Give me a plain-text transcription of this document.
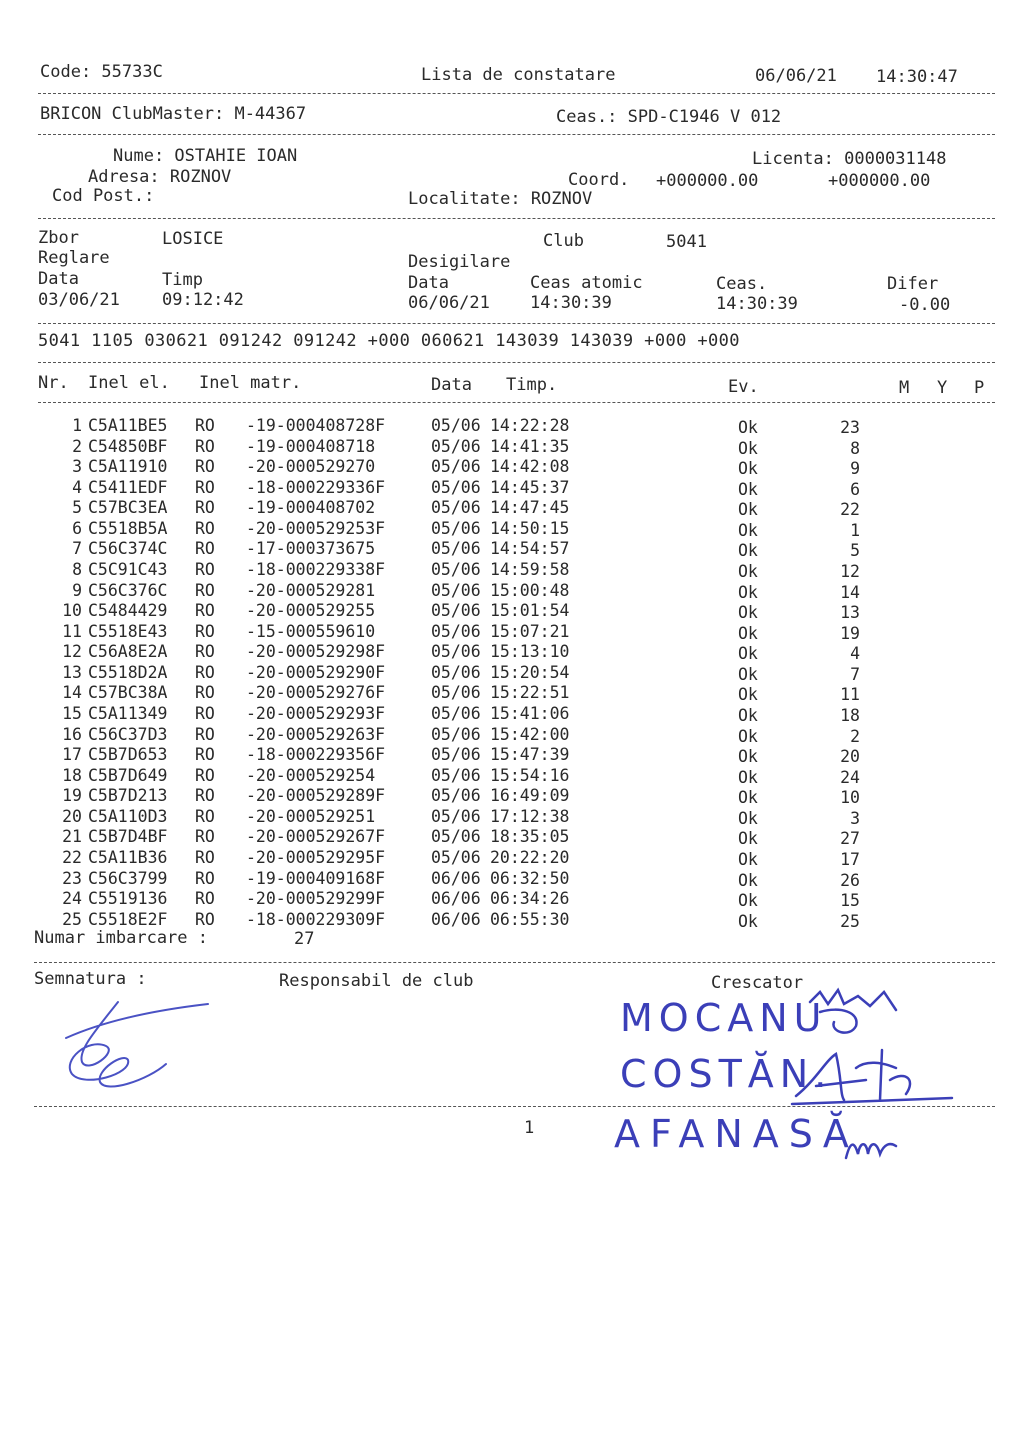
Code: 55733C	Lista de constatare	06/06/21 14:30:47
BRICON ClubMaster: M-44367	Ceas.: SPD-C1946 V 012
Nume: OSTAHIE IOAN	Licenta: 0000031148
Adresa: ROZNOV	Coord. +000000.00	+000000.00
Cod Post.:	Localitate: ROZNOV
Zbor	LOSICE	Club	5041
Reglare	Desigilare
Data	Timp	Data	Ceas atomic	Ceas.	Difer
03/06/21 09:12:42	06/06/21 14:30:39	14:30:39	-0.00
5041 1105 030621 091242 091242 +000 060621 143039 143039 +000 +000
Nr. Inel el. Inel matr.	Data Timp.	Ev.	M Y P
1 C5A11BE5 RO -19-000408728F	05/06 14:22:28	Ok	23
2 C54850BF RO -19-000408718	05/06 14:41:35	Ok	8
3 C5A11910 RO -20-000529270	05/06 14:42:08	Ok	9
4 C5411EDF RO -18-000229336F	05/06 14:45:37	Ok	6
5 C57BC3EA RO -19-000408702	05/06 14:47:45	Ok	22
6 C5518B5A RO -20-000529253F	05/06 14:50:15	Ok	1
7 C56C374C RO -17-000373675	05/06 14:54:57	Ok	5
8 C5C91C43 RO -18-000229338F	05/06 14:59:58	Ok	12
9 C56C376C RO -20-000529281	05/06 15:00:48	Ok	14
10 C5484429 RO -20-000529255	05/06 15:01:54	Ok	13
11 C5518E43 RO -15-000559610	05/06 15:07:21	Ok	19
12 C56A8E2A RO -20-000529298F	05/06 15:13:10	Ok	4
13 C5518D2A RO -20-000529290F	05/06 15:20:54	Ok	7
14 C57BC38A RO -20-000529276F	05/06 15:22:51	Ok	11
15 C5A11349 RO -20-000529293F	05/06 15:41:06	Ok	18
16 C56C37D3 RO -20-000529263F	05/06 15:42:00	Ok	2
17 C5B7D653 RO -18-000229356F	05/06 15:47:39	Ok	20
18 C5B7D649 RO -20-000529254	05/06 15:54:16	Ok	24
19 C5B7D213 RO -20-000529289F	05/06 16:49:09	Ok	10
20 C5A110D3 RO -20-000529251	05/06 17:12:38	Ok	3
21 C5B7D4BF RO -20-000529267F	05/06 18:35:05	Ok	27
22 C5A11B36 RO -20-000529295F	05/06 20:22:20	Ok	17
23 C56C3799 RO -19-000409168F	06/06 06:32:50	Ok	26
24 C5519136 RO -20-000529299F	06/06 06:34:26	Ok	15
25 C5518E2F RO -18-000229309F	06/06 06:55:30	Ok	25
Numar imbarcare :	27
Semnatura :	Responsabil de club	Crescator
MOCANU
COSTĂN.
1 AFANASĂ
